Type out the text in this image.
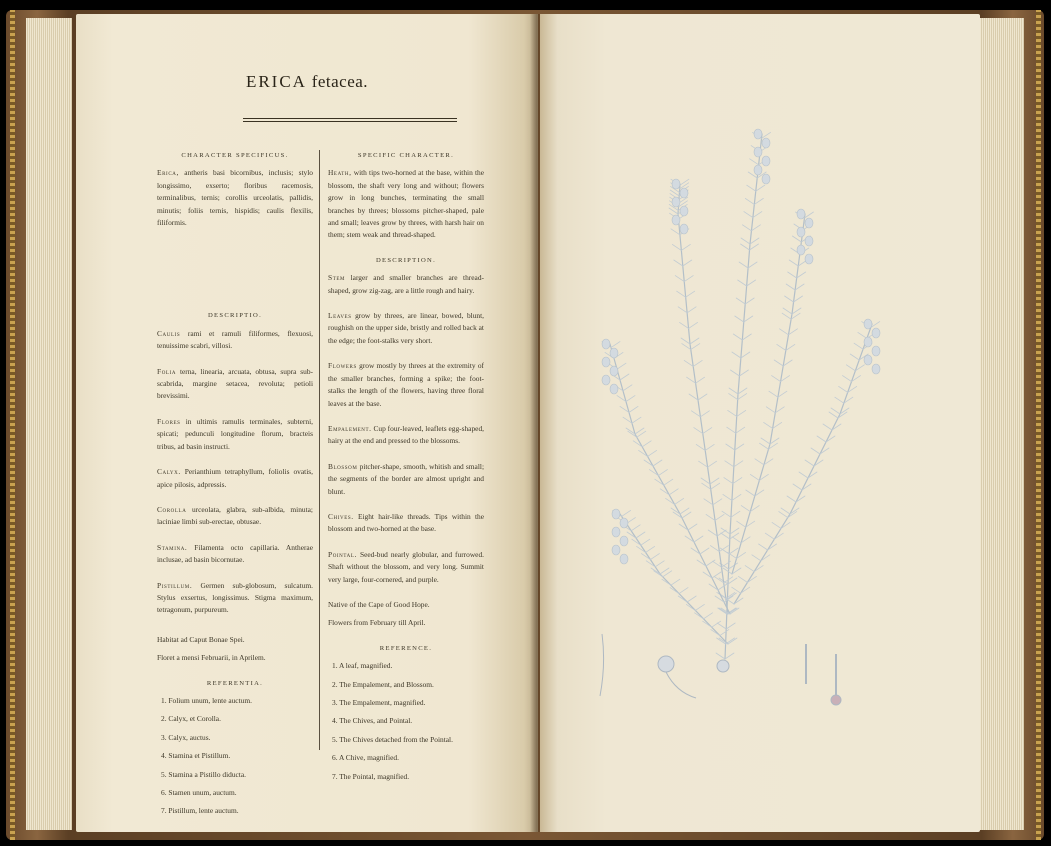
ERICA fetacea.
CHARACTER SPECIFICUS.

Erica, antheris basi bicornibus, inclusis; stylo longissimo, exserto; floribus racemosis, terminalibus, ternis; corollis urceolatis, pallidis, minutis; foliis ternis, hispidis; caulis flexilis, filiformis.

DESCRIPTIO.

Caulis rami et ramuli filiformes, flexuosi, tenuissime scabri, villosi.

Folia terna, linearia, arcuata, obtusa, supra sub-scabrida, margine setacea, revoluta; petioli brevissimi.

Flores in ultimis ramulis terminales, subterni, spicati; pedunculi longitudine florum, bracteis tribus, ad basin instructi.

Calyx. Perianthium tetraphyllum, foliolis ovatis, apice pilosis, adpressis.

Corolla urceolata, glabra, sub-albida, minuta; laciniae limbi sub-erectae, obtusae.

Stamina. Filamenta octo capillaria. Antherae inclusae, ad basin bicornutae.

Pistillum. Germen sub-globosum, sulcatum. Stylus exsertus, longissimus. Stigma maximum, tetragonum, purpureum.

Habitat ad Caput Bonae Spei.

Floret a mensi Februarii, in Aprilem.

REFERENTIA.
1. Folium unum, lente auctum.
2. Calyx, et Corolla.
3. Calyx, auctus.
4. Stamina et Pistillum.
5. Stamina a Pistillo diducta.
6. Stamen unum, auctum.
7. Pistillum, lente auctum.
SPECIFIC CHARACTER.

Heath, with tips two-horned at the base, within the blossom, the shaft very long and without; flowers grow in long bunches, terminating the small branches by threes; blossoms pitcher-shaped, pale and small; leaves grow by threes, with harsh hair on them; stem weak and thread-shaped.

DESCRIPTION.

Stem larger and smaller branches are thread-shaped, grow zig-zag, are a little rough and hairy.

Leaves grow by threes, are linear, bowed, blunt, roughish on the upper side, bristly and rolled back at the edge; the foot-stalks very short.

Flowers grow mostly by threes at the extremity of the smaller branches, forming a spike; the foot-stalks the length of the flowers, having three floral leaves at the base.

Empalement. Cup four-leaved, leaflets egg-shaped, hairy at the end and pressed to the blossoms.

Blossom pitcher-shape, smooth, whitish and small; the segments of the border are almost upright and blunt.

Chives. Eight hair-like threads. Tips within the blossom and two-horned at the base.

Pointal. Seed-bud nearly globular, and furrowed. Shaft without the blossom, and very long. Summit very large, four-cornered, and purple.

Native of the Cape of Good Hope.

Flowers from February till April.

REFERENCE.
1. A leaf, magnified.
2. The Empalement, and Blossom.
3. The Empalement, magnified.
4. The Chives, and Pointal.
5. The Chives detached from the Pointal.
6. A Chive, magnified.
7. The Pointal, magnified.
